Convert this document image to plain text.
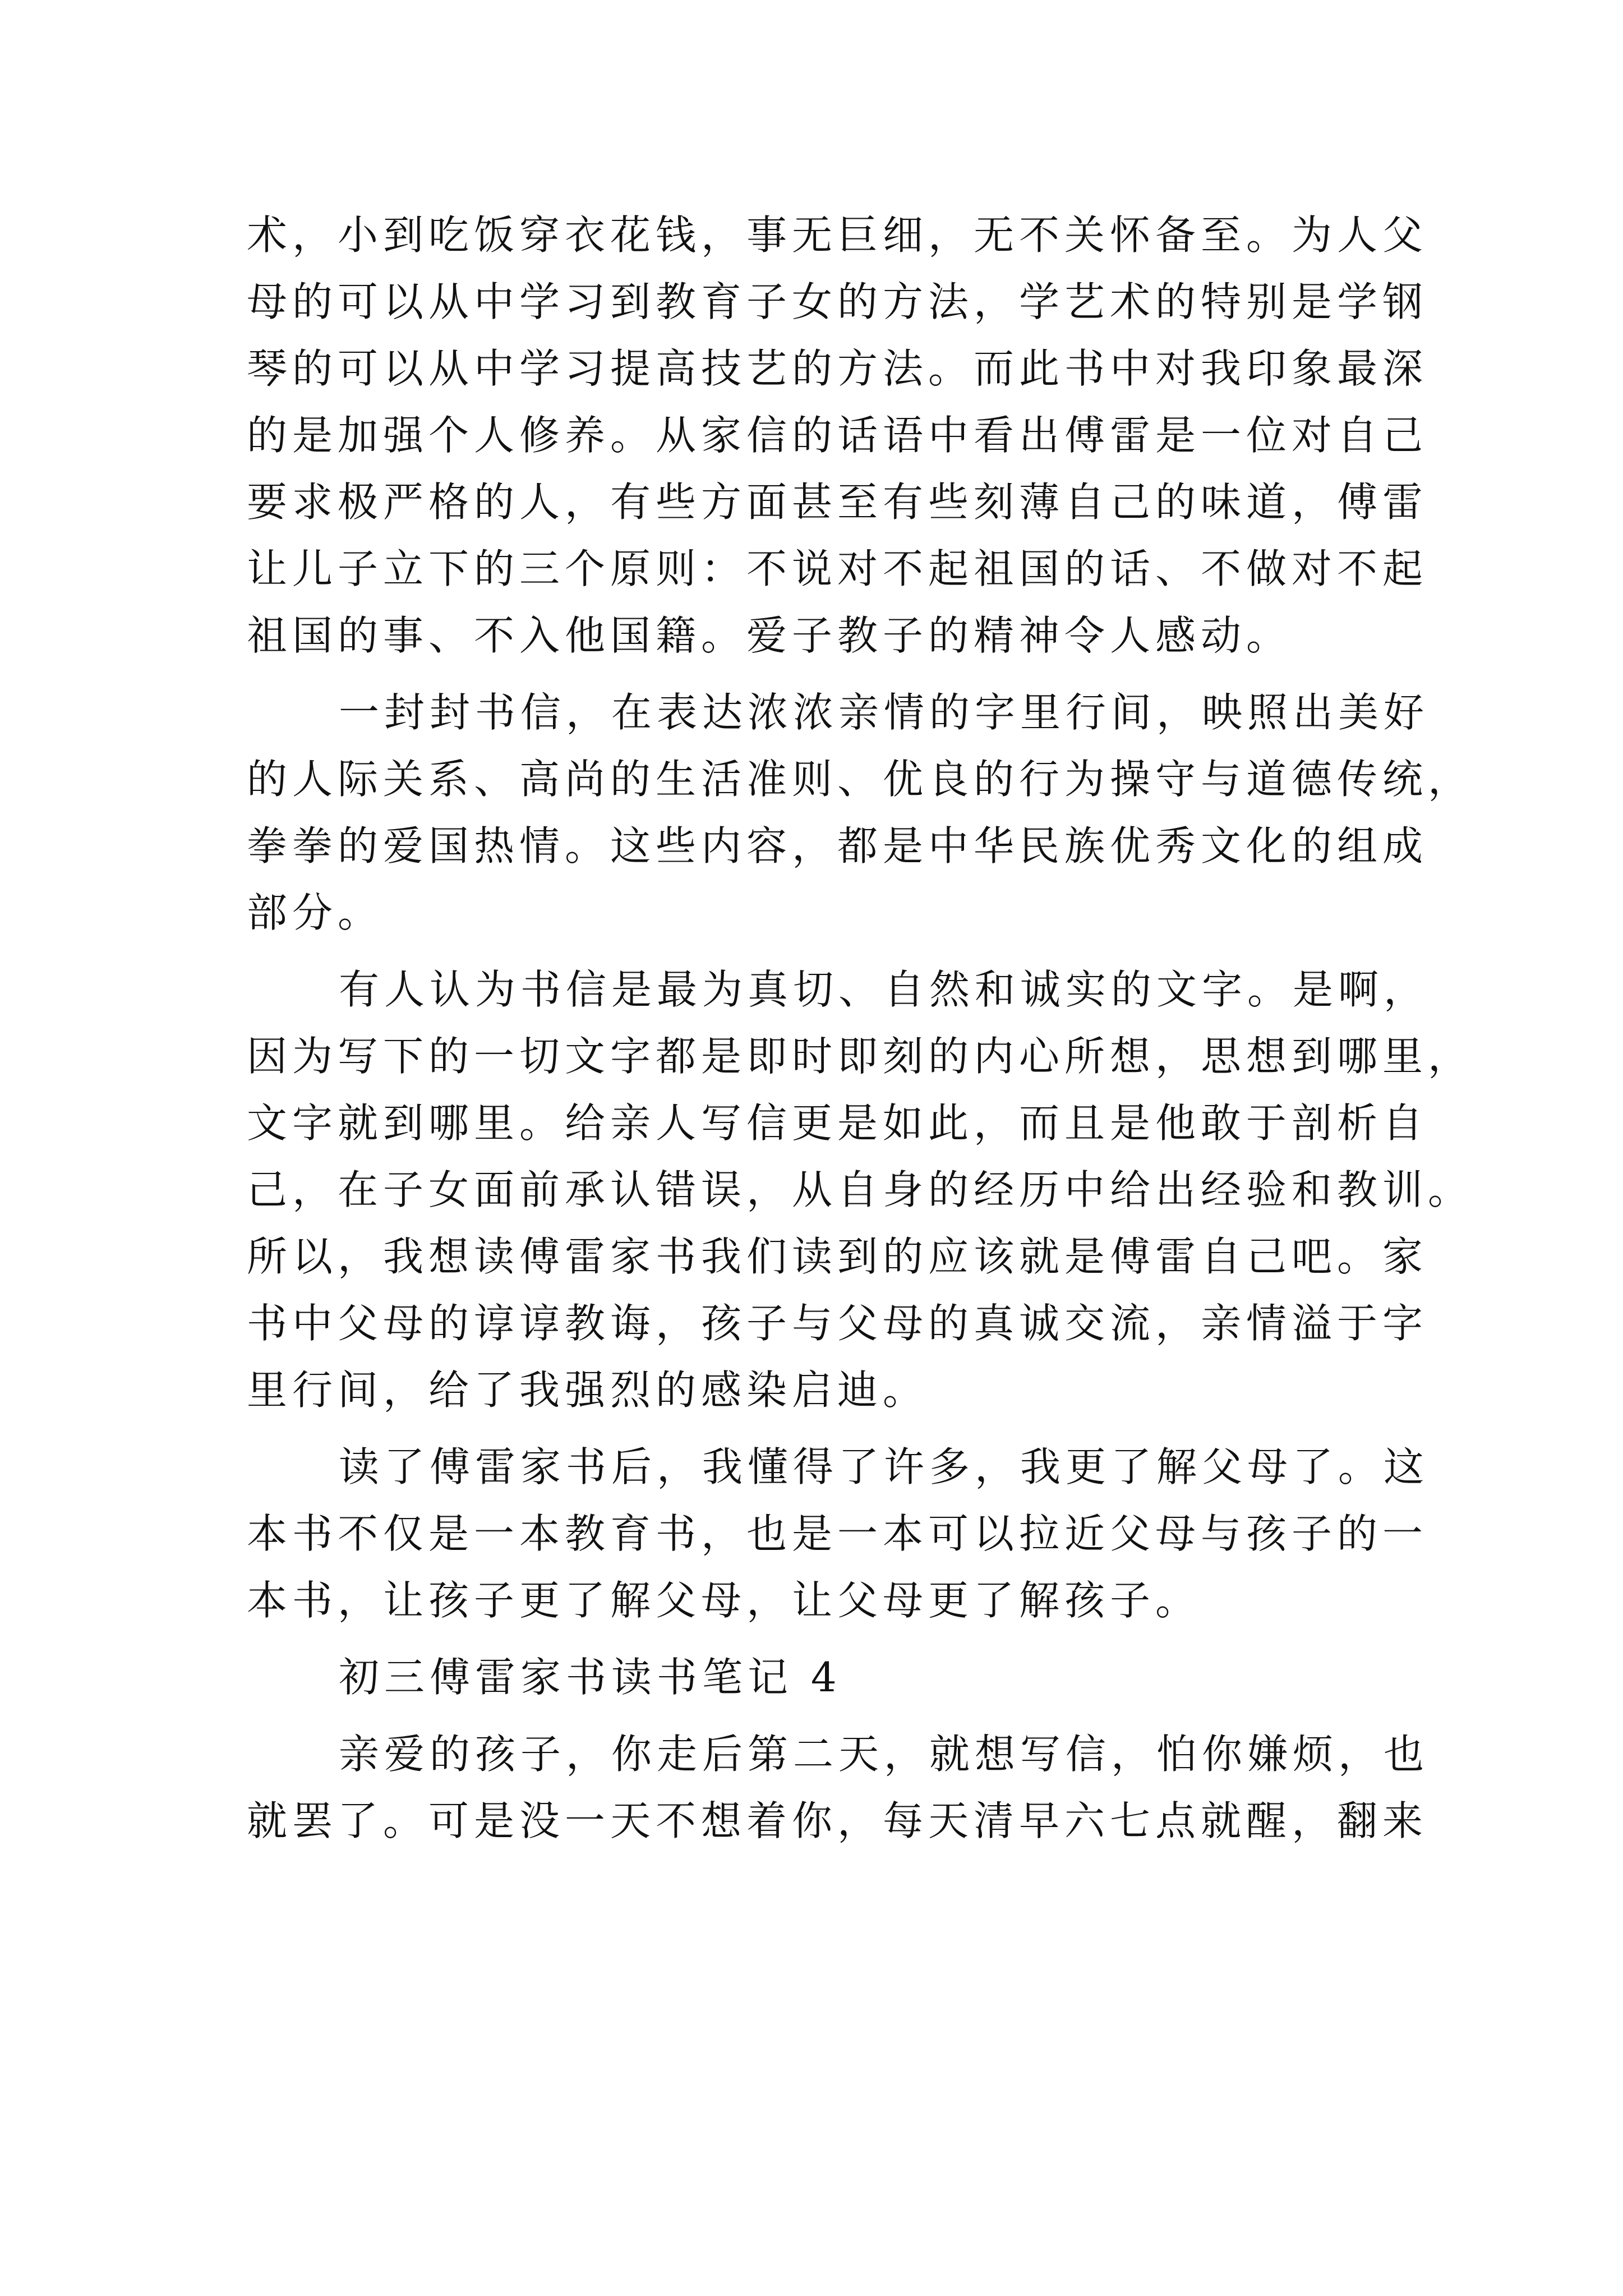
术，小到吃饭穿衣花钱，事无巨细，无不关怀备至。为人父
母的可以从中学习到教育子女的方法，学艺术的特别是学钢
琴的可以从中学习提高技艺的方法。而此书中对我印象最深
的是加强个人修养。从家信的话语中看出傅雷是一位对自己
要求极严格的人，有些方面甚至有些刻薄自己的味道，傅雷
让儿子立下的三个原则：不说对不起祖国的话、不做对不起
祖国的事、不入他国籍。爱子教子的精神令人感动。
一封封书信，在表达浓浓亲情的字里行间，映照出美好
的人际关系、高尚的生活准则、优良的行为操守与道德传统，
拳拳的爱国热情。这些内容，都是中华民族优秀文化的组成
部分。
有人认为书信是最为真切、自然和诚实的文字。是啊，
因为写下的一切文字都是即时即刻的内心所想，思想到哪里，
文字就到哪里。给亲人写信更是如此，而且是他敢于剖析自
己，在子女面前承认错误，从自身的经历中给出经验和教训。
所以，我想读傅雷家书我们读到的应该就是傅雷自己吧。家
书中父母的谆谆教诲，孩子与父母的真诚交流，亲情溢于字
里行间，给了我强烈的感染启迪。
读了傅雷家书后，我懂得了许多，我更了解父母了。这
本书不仅是一本教育书，也是一本可以拉近父母与孩子的一
本书，让孩子更了解父母，让父母更了解孩子。
初三傅雷家书读书笔记 4
亲爱的孩子，你走后第二天，就想写信，怕你嫌烦，也
就罢了。可是没一天不想着你，每天清早六七点就醒，翻来
